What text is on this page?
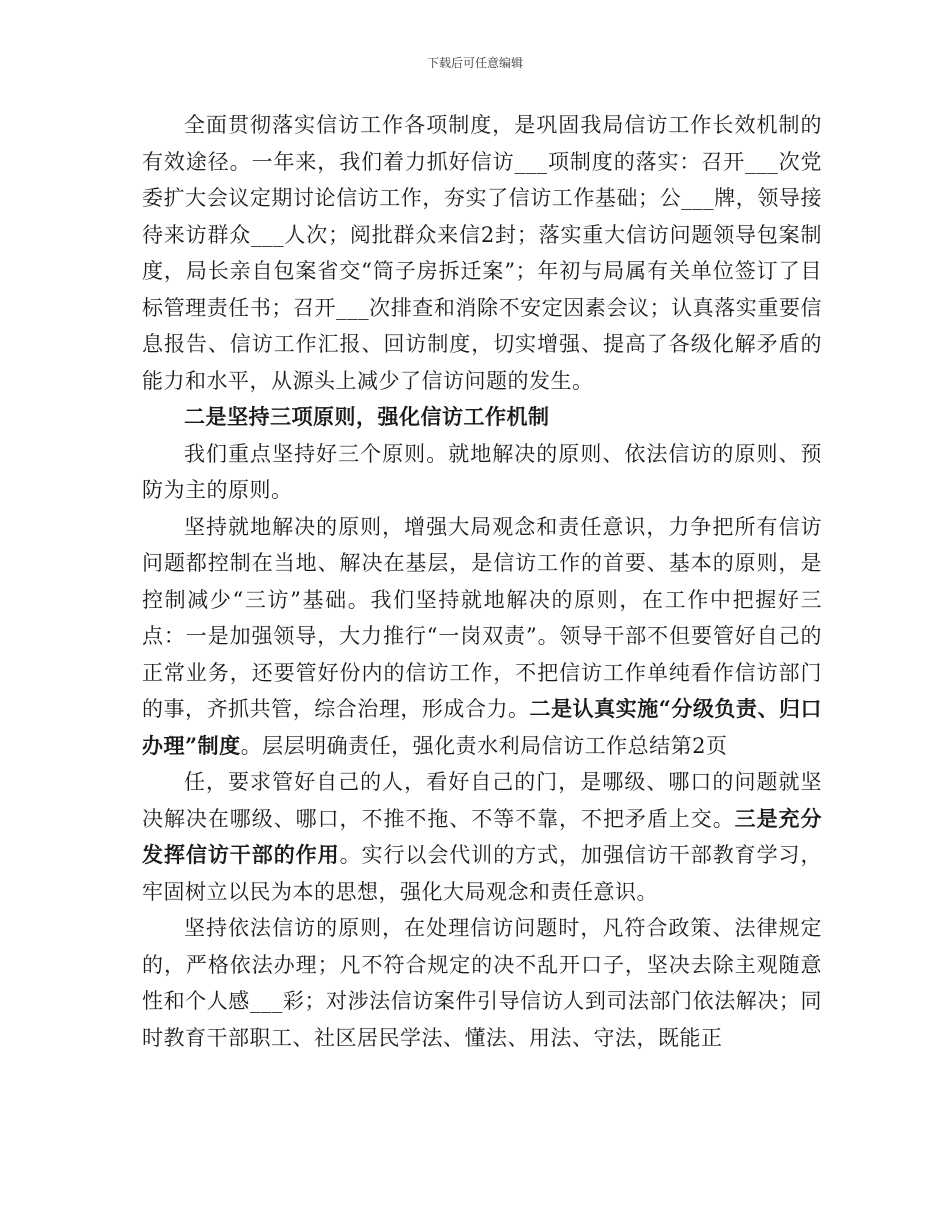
下载后可任意编辑

全面贯彻落实信访工作各项制度，是巩固我局信访工作长效机制的有效途径。一年来，我们着力抓好信访___项制度的落实：召开___次党委扩大会议定期讨论信访工作，夯实了信访工作基础；公___牌，领导接待来访群众___人次；阅批群众来信2封；落实重大信访问题领导包案制度，局长亲自包案省交“筒子房拆迁案”；年初与局属有关单位签订了目标管理责任书；召开___次排查和消除不安定因素会议；认真落实重要信息报告、信访工作汇报、回访制度，切实增强、提高了各级化解矛盾的能力和水平，从源头上减少了信访问题的发生。

二是坚持三项原则，强化信访工作机制

我们重点坚持好三个原则。就地解决的原则、依法信访的原则、预防为主的原则。

坚持就地解决的原则，增强大局观念和责任意识，力争把所有信访问题都控制在当地、解决在基层，是信访工作的首要、基本的原则，是控制减少“三访”基础。我们坚持就地解决的原则，在工作中把握好三点：一是加强领导，大力推行“一岗双责”。领导干部不但要管好自己的正常业务，还要管好份内的信访工作，不把信访工作单纯看作信访部门的事，齐抓共管，综合治理，形成合力。二是认真实施“分级负责、归口办理”制度。层层明确责任，强化责水利局信访工作总结第2页

任，要求管好自己的人，看好自己的门，是哪级、哪口的问题就坚决解决在哪级、哪口，不推不拖、不等不靠，不把矛盾上交。三是充分发挥信访干部的作用。实行以会代训的方式，加强信访干部教育学习，牢固树立以民为本的思想，强化大局观念和责任意识。

坚持依法信访的原则，在处理信访问题时，凡符合政策、法律规定的，严格依法办理；凡不符合规定的决不乱开口子，坚决去除主观随意性和个人感___彩；对涉法信访案件引导信访人到司法部门依法解决；同时教育干部职工、社区居民学法、懂法、用法、守法，既能正
